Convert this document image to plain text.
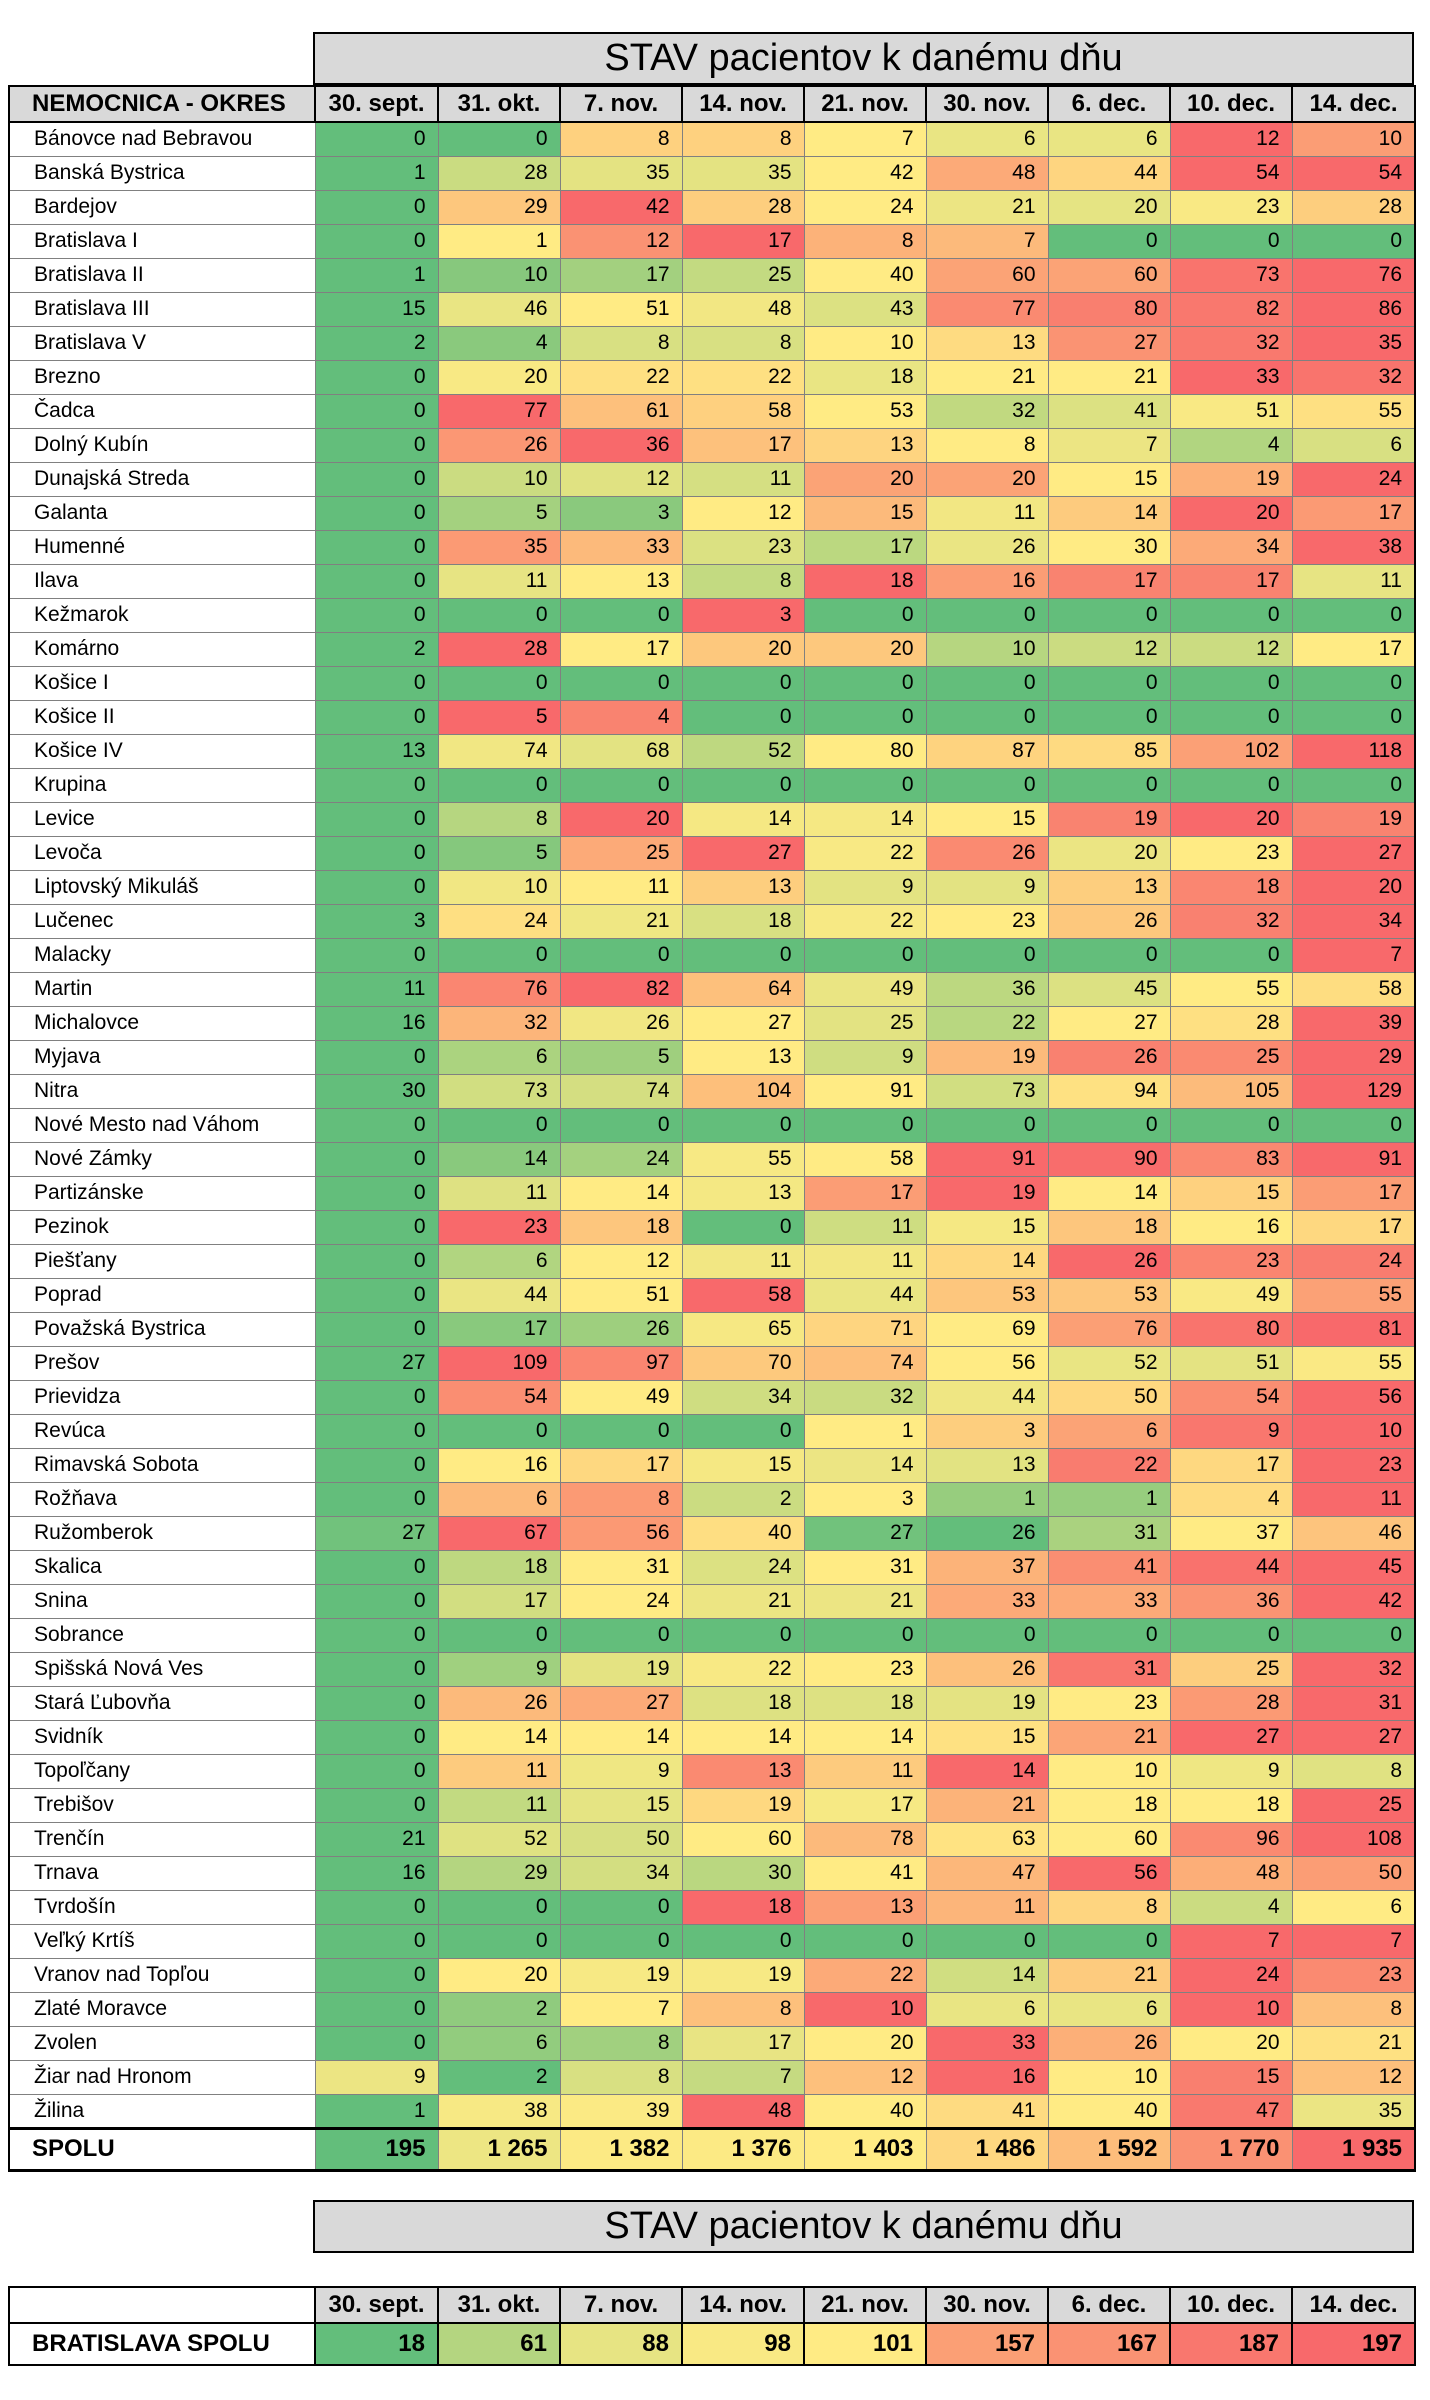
STAV pacientov k danému dňu
NEMOCNICA - OKRES	30. sept.	31. okt.	7. nov.	14. nov.	21. nov.	30. nov.	6. dec.	10. dec.	14. dec.
Bánovce nad Bebravou	0	0	8	8	7	6	6	12	10
Banská Bystrica	1	28	35	35	42	48	44	54	54
Bardejov	0	29	42	28	24	21	20	23	28
Bratislava I	0	1	12	17	8	7	0	0	0
Bratislava II	1	10	17	25	40	60	60	73	76
Bratislava III	15	46	51	48	43	77	80	82	86
Bratislava V	2	4	8	8	10	13	27	32	35
Brezno	0	20	22	22	18	21	21	33	32
Čadca	0	77	61	58	53	32	41	51	55
Dolný Kubín	0	26	36	17	13	8	7	4	6
Dunajská Streda	0	10	12	11	20	20	15	19	24
Galanta	0	5	3	12	15	11	14	20	17
Humenné	0	35	33	23	17	26	30	34	38
Ilava	0	11	13	8	18	16	17	17	11
Kežmarok	0	0	0	3	0	0	0	0	0
Komárno	2	28	17	20	20	10	12	12	17
Košice I	0	0	0	0	0	0	0	0	0
Košice II	0	5	4	0	0	0	0	0	0
Košice IV	13	74	68	52	80	87	85	102	118
Krupina	0	0	0	0	0	0	0	0	0
Levice	0	8	20	14	14	15	19	20	19
Levoča	0	5	25	27	22	26	20	23	27
Liptovský Mikuláš	0	10	11	13	9	9	13	18	20
Lučenec	3	24	21	18	22	23	26	32	34
Malacky	0	0	0	0	0	0	0	0	7
Martin	11	76	82	64	49	36	45	55	58
Michalovce	16	32	26	27	25	22	27	28	39
Myjava	0	6	5	13	9	19	26	25	29
Nitra	30	73	74	104	91	73	94	105	129
Nové Mesto nad Váhom	0	0	0	0	0	0	0	0	0
Nové Zámky	0	14	24	55	58	91	90	83	91
Partizánske	0	11	14	13	17	19	14	15	17
Pezinok	0	23	18	0	11	15	18	16	17
Piešťany	0	6	12	11	11	14	26	23	24
Poprad	0	44	51	58	44	53	53	49	55
Považská Bystrica	0	17	26	65	71	69	76	80	81
Prešov	27	109	97	70	74	56	52	51	55
Prievidza	0	54	49	34	32	44	50	54	56
Revúca	0	0	0	0	1	3	6	9	10
Rimavská Sobota	0	16	17	15	14	13	22	17	23
Rožňava	0	6	8	2	3	1	1	4	11
Ružomberok	27	67	56	40	27	26	31	37	46
Skalica	0	18	31	24	31	37	41	44	45
Snina	0	17	24	21	21	33	33	36	42
Sobrance	0	0	0	0	0	0	0	0	0
Spišská Nová Ves	0	9	19	22	23	26	31	25	32
Stará Ľubovňa	0	26	27	18	18	19	23	28	31
Svidník	0	14	14	14	14	15	21	27	27
Topoľčany	0	11	9	13	11	14	10	9	8
Trebišov	0	11	15	19	17	21	18	18	25
Trenčín	21	52	50	60	78	63	60	96	108
Trnava	16	29	34	30	41	47	56	48	50
Tvrdošín	0	0	0	18	13	11	8	4	6
Veľký Krtíš	0	0	0	0	0	0	0	7	7
Vranov nad Topľou	0	20	19	19	22	14	21	24	23
Zlaté Moravce	0	2	7	8	10	6	6	10	8
Zvolen	0	6	8	17	20	33	26	20	21
Žiar nad Hronom	9	2	8	7	12	16	10	15	12
Žilina	1	38	39	48	40	41	40	47	35
SPOLU	195	1 265	1 382	1 376	1 403	1 486	1 592	1 770	1 935
STAV pacientov k danému dňu
	30. sept.	31. okt.	7. nov.	14. nov.	21. nov.	30. nov.	6. dec.	10. dec.	14. dec.
BRATISLAVA SPOLU	18	61	88	98	101	157	167	187	197
